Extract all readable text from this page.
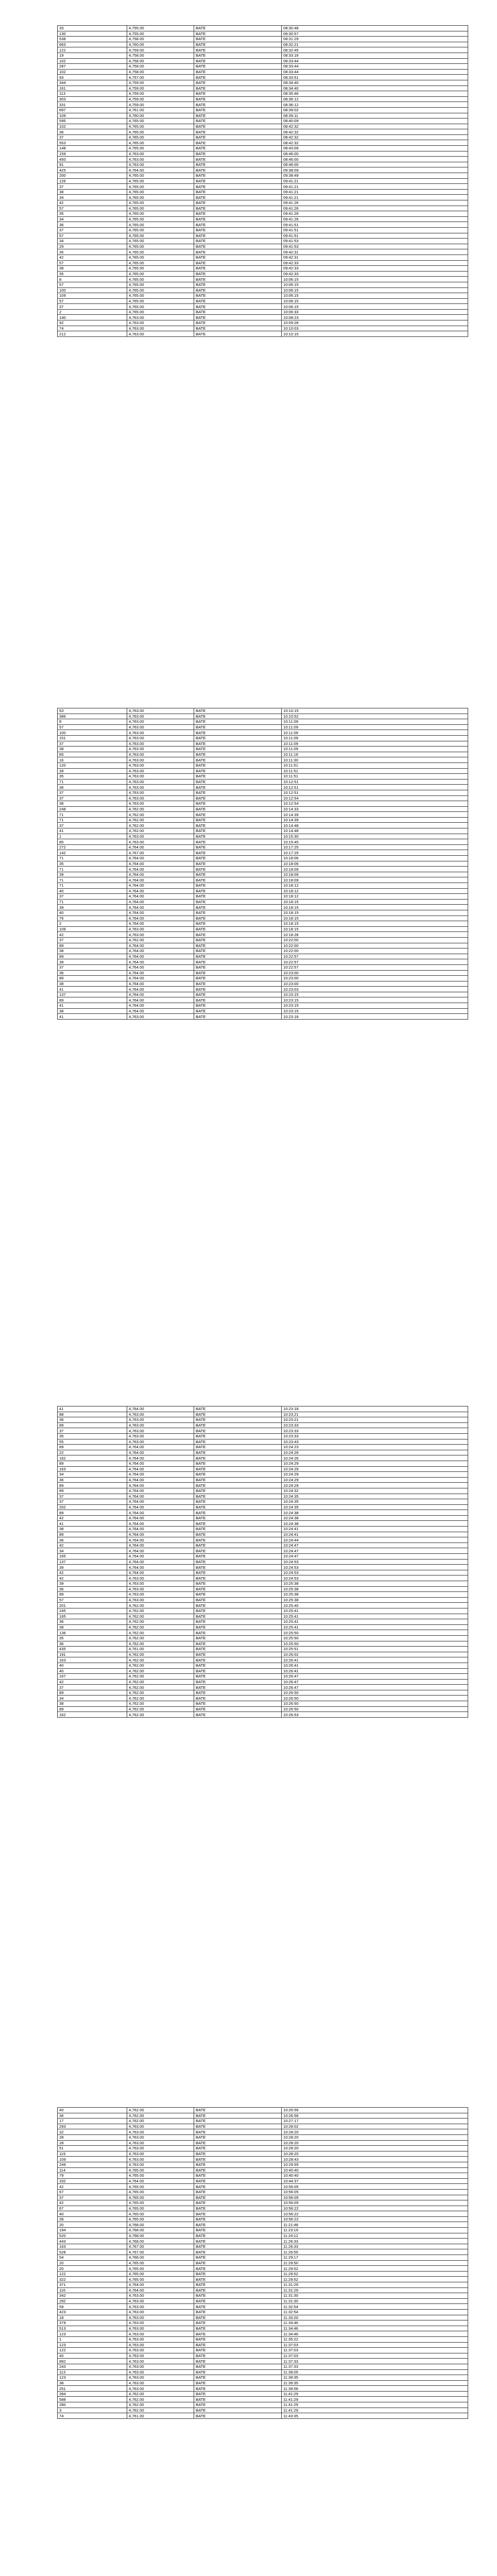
33	4,755.00	BATE	08:30:48
130	4,755.00	BATE	08:30:57
538	4,758.00	BATE	08:31:29
663	4,760.00	BATE	08:32:21
122	4,759.00	BATE	08:32:45
19	4,758.00	BATE	08:33:16
102	4,758.00	BATE	08:33:44
287	4,758.00	BATE	08:33:44
102	4,758.00	BATE	08:33:44
93	4,757.00	BATE	08:33:51
344	4,759.00	BATE	08:34:40
161	4,759.00	BATE	08:34:40
113	4,759.00	BATE	08:35:46
303	4,759.00	BATE	08:36:12
331	4,759.00	BATE	08:36:12
697	4,761.00	BATE	08:39:02
109	4,760.00	BATE	08:39:11
595	4,765.00	BATE	08:40:09
102	4,765.00	BATE	08:42:32
36	4,765.00	BATE	08:42:32
37	4,765.00	BATE	08:42:32
553	4,765.00	BATE	08:42:32
148	4,765.00	BATE	08:43:09
159	4,763.00	BATE	08:46:00
450	4,763.00	BATE	08:46:00
91	4,763.00	BATE	08:46:00
425	4,764.00	BATE	09:38:09
200	4,765.00	BATE	09:38:49
126	4,765.00	BATE	09:41:21
37	4,765.00	BATE	09:41:21
38	4,765.00	BATE	09:41:21
34	4,765.00	BATE	09:41:21
42	4,765.00	BATE	09:41:26
57	4,765.00	BATE	09:41:26
35	4,765.00	BATE	09:41:26
34	4,765.00	BATE	09:41:26
36	4,765.00	BATE	09:41:51
37	4,765.00	BATE	09:41:51
57	4,765.00	BATE	09:41:51
34	4,765.00	BATE	09:41:53
29	4,765.00	BATE	09:41:53
35	4,765.00	BATE	09:42:31
42	4,765.00	BATE	09:42:31
57	4,765.00	BATE	09:42:33
38	4,765.00	BATE	09:42:33
35	4,765.00	BATE	09:42:33
8	4,765.00	BATE	10:06:15
57	4,765.00	BATE	10:06:15
100	4,765.00	BATE	10:06:15
109	4,765.00	BATE	10:06:15
57	4,765.00	BATE	10:06:15
37	4,765.00	BATE	10:06:15
2	4,765.00	BATE	10:06:33
140	4,763.00	BATE	10:08:23
92	4,763.00	BATE	10:09:28
74	4,763.00	BATE	10:10:03
212	4,763.00	BATE	10:10:15
63	4,763.00	BATE	10:10:15
386	4,763.00	BATE	10:10:52
8	4,763.00	BATE	10:11:09
57	4,763.00	BATE	10:11:09
100	4,763.00	BATE	10:11:09
151	4,763.00	BATE	10:11:09
37	4,763.00	BATE	10:11:09
38	4,763.00	BATE	10:11:09
65	4,763.00	BATE	10:11:16
16	4,763.00	BATE	10:11:30
120	4,763.00	BATE	10:11:51
39	4,763.00	BATE	10:11:51
35	4,763.00	BATE	10:11:51
71	4,763.00	BATE	10:12:51
36	4,763.00	BATE	10:12:51
37	4,763.00	BATE	10:12:51
37	4,763.00	BATE	10:12:54
38	4,763.00	BATE	10:12:54
248	4,762.00	BATE	10:14:33
71	4,762.00	BATE	10:14:39
71	4,762.00	BATE	10:14:39
37	4,762.00	BATE	10:14:48
41	4,762.00	BATE	10:14:48
1	4,763.00	BATE	10:15:30
85	4,763.00	BATE	10:15:45
272	4,764.00	BATE	10:17:25
142	4,767.00	BATE	10:17:25
71	4,764.00	BATE	10:18:06
35	4,764.00	BATE	10:18:06
71	4,764.00	BATE	10:18:09
39	4,764.00	BATE	10:18:09
71	4,764.00	BATE	10:18:09
71	4,764.00	BATE	10:18:12
40	4,764.00	BATE	10:18:12
37	4,764.00	BATE	10:18:12
71	4,764.00	BATE	10:18:15
39	4,764.00	BATE	10:18:15
40	4,764.00	BATE	10:18:15
76	4,764.00	BATE	10:18:15
2	4,764.00	BATE	10:18:15
109	4,763.00	BATE	10:18:15
42	4,763.00	BATE	10:18:28
37	4,762.00	BATE	10:22:00
89	4,764.00	BATE	10:22:00
38	4,764.00	BATE	10:22:00
89	4,764.00	BATE	10:22:57
39	4,764.00	BATE	10:22:57
37	4,764.00	BATE	10:22:57
36	4,764.00	BATE	10:23:00
89	4,764.00	BATE	10:23:00
38	4,764.00	BATE	10:23:00
41	4,764.00	BATE	10:23:03
137	4,764.00	BATE	10:23:15
89	4,764.00	BATE	10:23:15
41	4,764.00	BATE	10:23:15
38	4,764.00	BATE	10:23:15
41	4,763.00	BATE	10:23:18
41	4,764.00	BATE	10:23:18
88	4,763.00	BATE	10:23:21
36	4,763.00	BATE	10:23:21
89	4,763.00	BATE	10:23:33
37	4,763.00	BATE	10:23:33
35	4,763.00	BATE	10:23:33
55	4,763.00	BATE	10:23:43
89	4,764.00	BATE	10:24:23
22	4,764.00	BATE	10:24:26
162	4,764.00	BATE	10:24:26
89	4,764.00	BATE	10:24:29
163	4,764.00	BATE	10:24:29
34	4,764.00	BATE	10:24:29
36	4,764.00	BATE	10:24:29
89	4,764.00	BATE	10:24:29
89	4,764.00	BATE	10:24:32
37	4,764.00	BATE	10:24:35
37	4,764.00	BATE	10:24:35
202	4,764.00	BATE	10:24:35
89	4,764.00	BATE	10:24:38
42	4,764.00	BATE	10:24:38
41	4,764.00	BATE	10:24:38
38	4,764.00	BATE	10:24:41
89	4,764.00	BATE	10:24:41
36	4,764.00	BATE	10:24:44
42	4,764.00	BATE	10:24:47
34	4,764.00	BATE	10:24:47
165	4,764.00	BATE	10:24:47
137	4,764.00	BATE	10:24:53
39	4,764.00	BATE	10:24:53
42	4,764.00	BATE	10:24:53
42	4,763.00	BATE	10:24:53
39	4,763.00	BATE	10:25:38
36	4,763.00	BATE	10:25:38
89	4,763.00	BATE	10:25:38
57	4,763.00	BATE	10:25:38
201	4,762.00	BATE	10:25:40
245	4,762.00	BATE	10:25:41
165	4,762.00	BATE	10:25:41
36	4,762.00	BATE	10:25:41
38	4,762.00	BATE	10:25:41
136	4,762.00	BATE	10:25:50
35	4,762.00	BATE	10:25:50
36	4,762.00	BATE	10:25:50
435	4,761.00	BATE	10:25:51
191	4,762.00	BATE	10:26:02
163	4,762.00	BATE	10:26:41
40	4,762.00	BATE	10:26:41
40	4,762.00	BATE	10:26:41
167	4,762.00	BATE	10:26:47
42	4,762.00	BATE	10:26:47
37	4,762.00	BATE	10:26:47
89	4,762.00	BATE	10:26:50
34	4,762.00	BATE	10:26:50
38	4,762.00	BATE	10:26:50
89	4,762.00	BATE	10:26:50
162	4,762.00	BATE	10:26:53
40	4,762.00	BATE	10:26:56
36	4,762.00	BATE	10:26:56
17	4,762.00	BATE	10:27:17
293	4,763.00	BATE	10:28:02
32	4,763.00	BATE	10:28:20
28	4,763.00	BATE	10:28:20
28	4,763.00	BATE	10:28:20
51	4,763.00	BATE	10:28:20
119	4,763.00	BATE	10:28:20
109	4,763.00	BATE	10:28:43
249	4,763.00	BATE	10:29:55
114	4,765.00	BATE	10:40:40
79	4,765.00	BATE	10:40:40
332	4,764.00	BATE	10:44:37
42	4,765.00	BATE	10:56:05
67	4,765.00	BATE	10:56:05
37	4,765.00	BATE	10:56:05
42	4,765.00	BATE	10:56:05
67	4,765.00	BATE	10:56:22
40	4,765.00	BATE	10:56:22
39	4,765.00	BATE	10:56:22
20	4,768.00	BATE	11:21:48
194	4,768.00	BATE	11:23:19
520	4,768.00	BATE	11:24:12
443	4,768.00	BATE	11:26:33
163	4,767.00	BATE	11:26:33
528	4,767.00	BATE	11:26:55
54	4,766.00	BATE	11:29:17
20	4,765.00	BATE	11:29:50
20	4,765.00	BATE	11:29:52
122	4,765.00	BATE	11:29:52
322	4,765.00	BATE	11:29:52
371	4,764.00	BATE	11:31:29
116	4,764.00	BATE	11:31:29
342	4,763.00	BATE	11:31:30
292	4,763.00	BATE	11:31:30
59	4,763.00	BATE	11:32:54
423	4,763.00	BATE	11:32:54
18	4,763.00	BATE	11:33:20
379	4,763.00	BATE	11:34:46
513	4,763.00	BATE	11:34:46
123	4,763.00	BATE	11:34:46
1	4,763.00	BATE	11:35:22
123	4,763.00	BATE	11:37:03
122	4,763.00	BATE	11:37:03
40	4,763.00	BATE	11:37:03
892	4,763.00	BATE	11:37:33
243	4,763.00	BATE	11:37:33
113	4,763.00	BATE	11:39:05
123	4,763.00	BATE	11:39:35
38	4,763.00	BATE	11:39:35
251	4,763.00	BATE	11:39:56
394	4,762.00	BATE	11:41:29
588	4,762.00	BATE	11:41:29
280	4,762.00	BATE	11:41:29
3	4,762.00	BATE	11:41:29
74	4,761.00	BATE	11:43:35
